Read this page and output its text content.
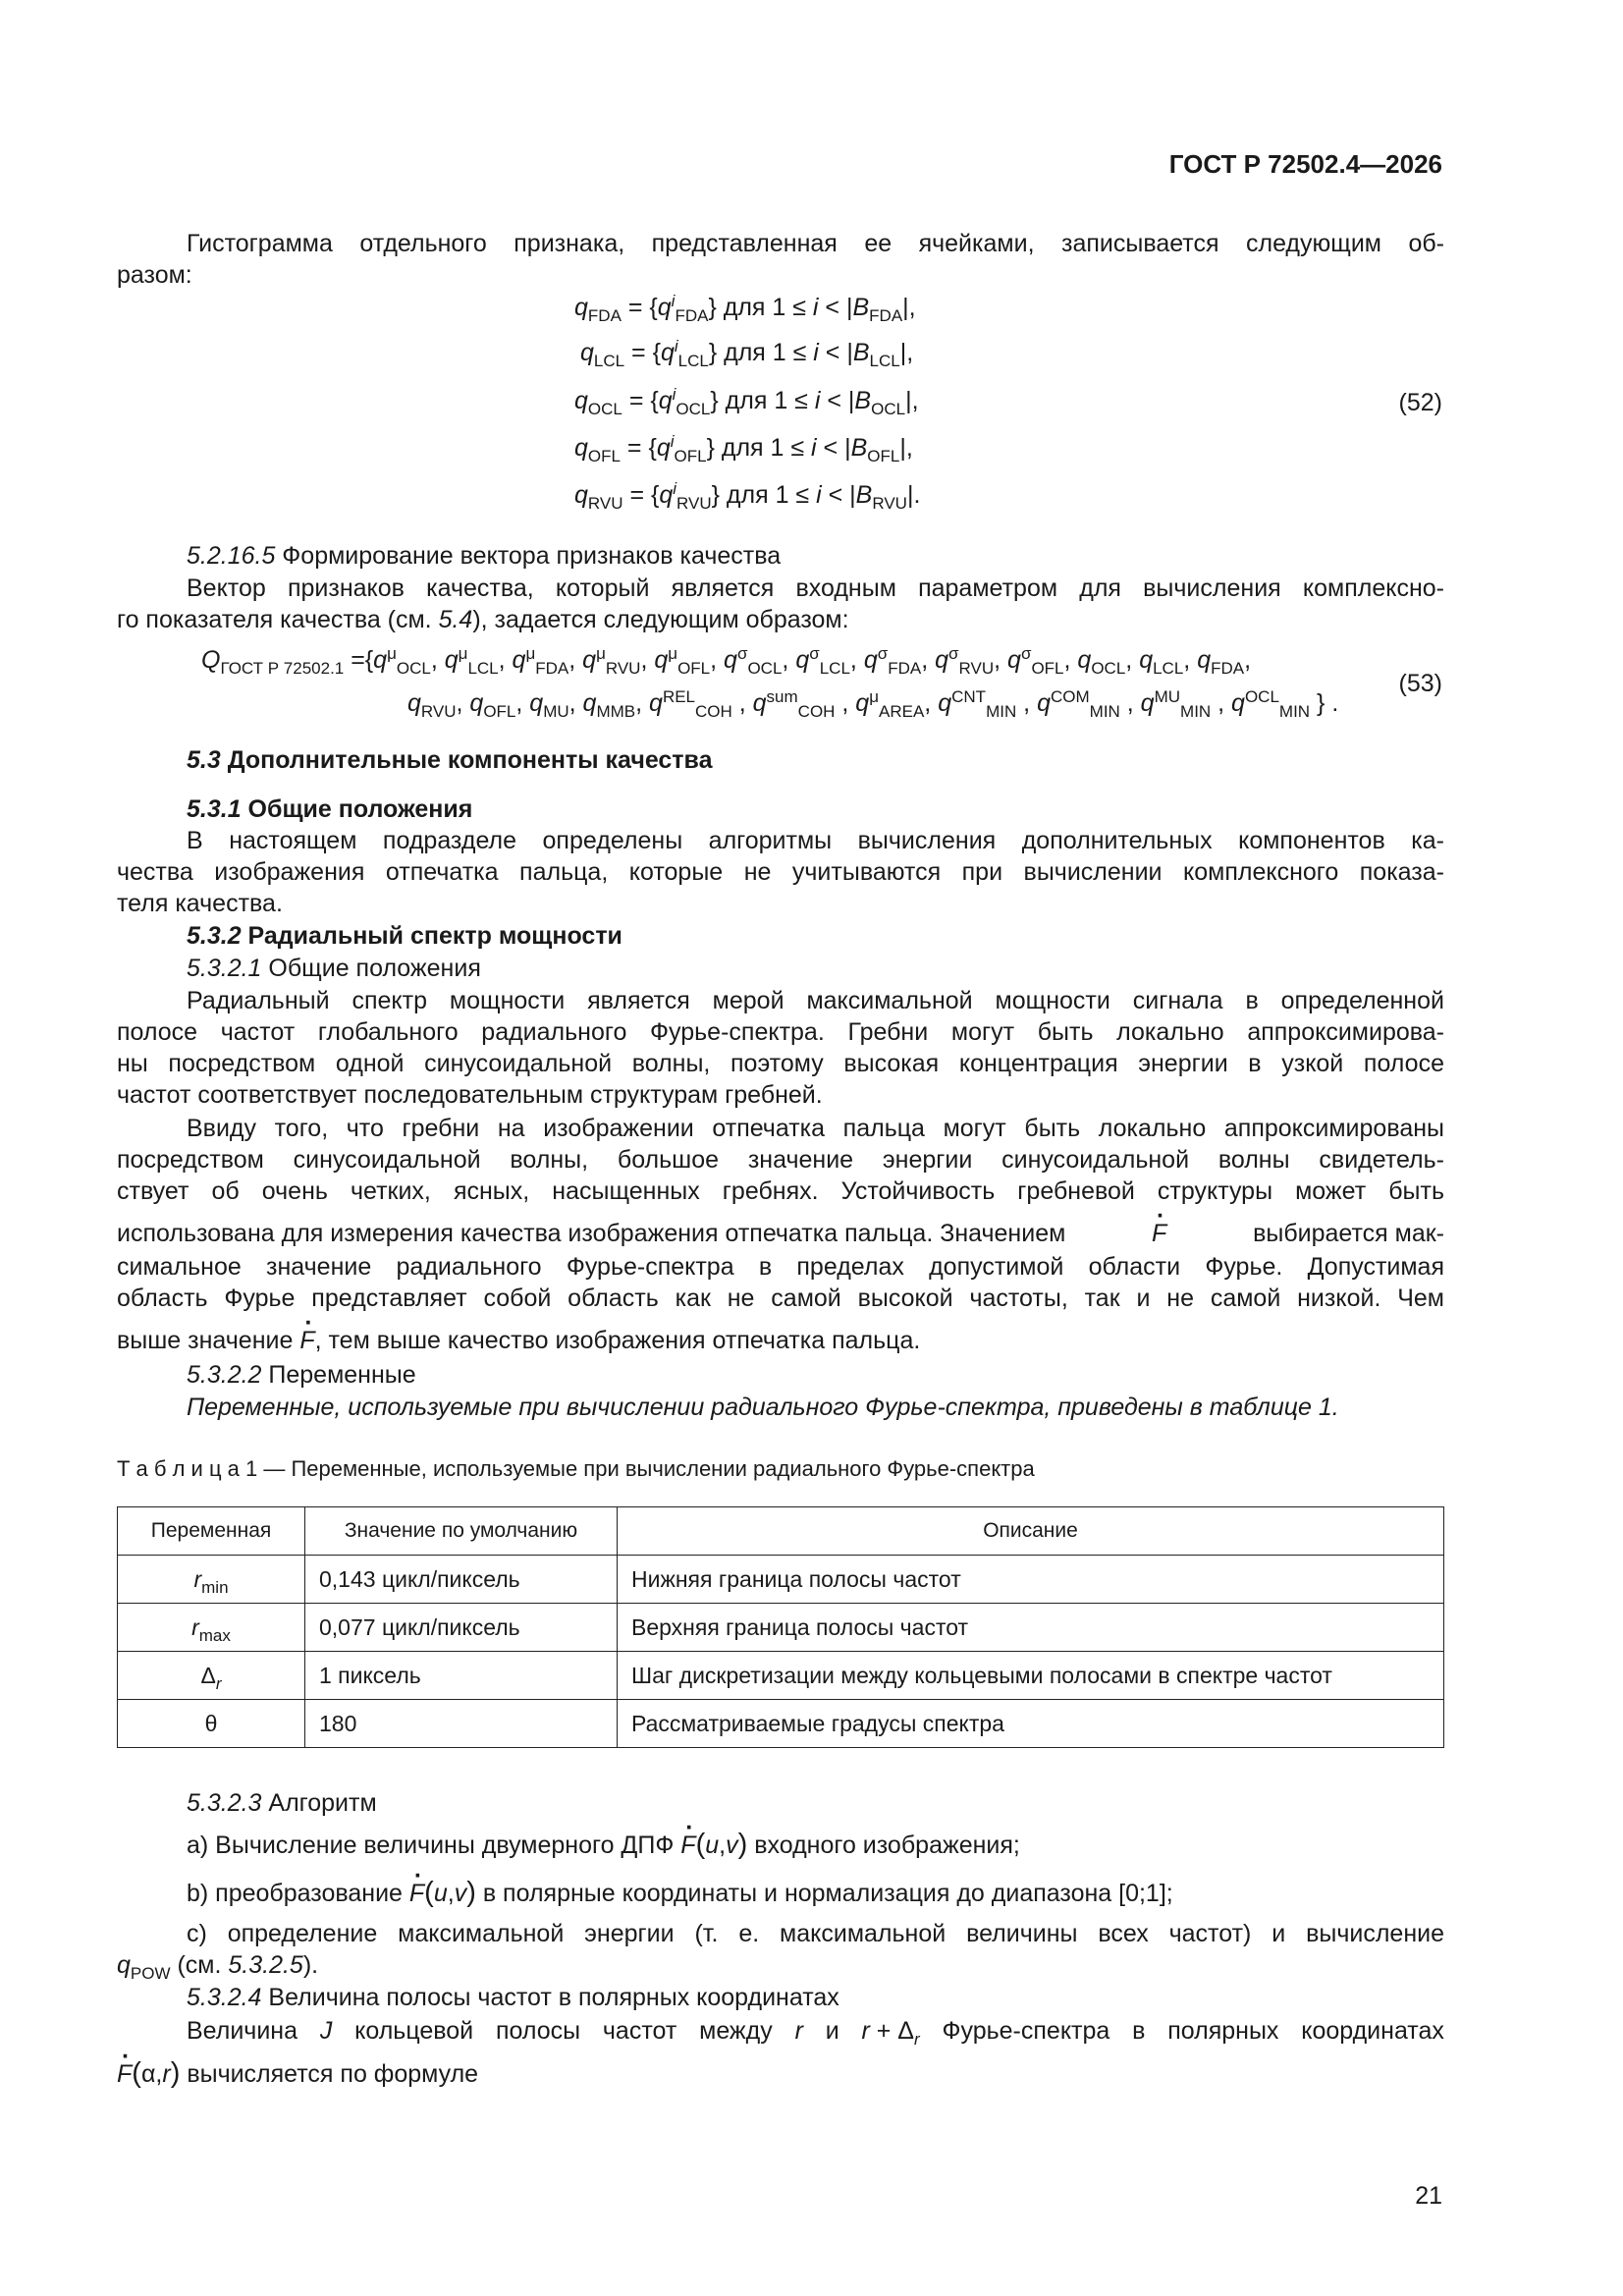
ГОСТ Р 72502.4—2026
Гистограмма отдельного признака, представленная ее ячейками, записывается следующим об-
разом:
$q_{FDA} = \{q^i_{FDA}\}$ для $1 \le i < |B_{FDA}|$,
$q_{LCL} = \{q^i_{LCL}\}$ для $1 \le i < |B_{LCL}|$,
$q_{OCL} = \{q^i_{OCL}\}$ для $1 \le i < |B_{OCL}|$,
$q_{OFL} = \{q^i_{OFL}\}$ для $1 \le i < |B_{OFL}|$,
$q_{RVU} = \{q^i_{RVU}\}$ для $1 \le i < |B_{RVU}|$.
(52)
5.2.16.5 Формирование вектора признаков качества
Вектор признаков качества, который является входным параметром для вычисления комплексно-
го показателя качества (см. 5.4), задается следующим образом:
$Q_{ГОСТ Р 72502.1} =\{q^\mu_{OCL}$, $q^\mu_{LCL}$, $q^\mu_{FDA}$, $q^\mu_{RVU}$, $q^\mu_{OFL}$, $q^\sigma_{OCL}$, $q^\sigma_{LCL}$, $q^\sigma_{FDA}$, $q^\sigma_{RVU}$, $q^\sigma_{OFL}$, $q_{OCL}$, $q_{LCL}$, $q_{FDA}$,
$q_{RVU}$, $q_{OFL}$, $q_{MU}$, $q_{MMB}$, $q^{REL}_{COH}$ , $q^{sum}_{COH}$ , $q^\mu_{AREA}$, $q^{CNT}_{MIN}$ , $q^{COM}_{MIN}$ , $q^{MU}_{MIN}$ , $q^{OCL}_{MIN}$ } .
(53)
5.3 Дополнительные компоненты качества
5.3.1 Общие положения
В настоящем подразделе определены алгоритмы вычисления дополнительных компонентов ка-
чества изображения отпечатка пальца, которые не учитываются при вычислении комплексного показа-
теля качества.
5.3.2 Радиальный спектр мощности
5.3.2.1 Общие положения
Радиальный спектр мощности является мерой максимальной мощности сигнала в определенной
полосе частот глобального радиального Фурье-спектра. Гребни могут быть локально аппроксимирова-
ны посредством одной синусоидальной волны, поэтому высокая концентрация энергии в узкой полосе
частот соответствует последовательным структурам гребней.
Ввиду того, что гребни на изображении отпечатка пальца могут быть локально аппроксимированы
посредством синусоидальной волны, большое значение энергии синусоидальной волны свидетель-
ствует об очень четких, ясных, насыщенных гребнях. Устойчивость гребневой структуры может быть
использована для измерения качества изображения отпечатка пальца. Значением	· F	выбирается мак-
симальное значение радиального Фурье-спектра в пределах допустимой области Фурье. Допустимая
область Фурье представляет собой область как не самой высокой частоты, так и не самой низкой. Чем
выше значение · F, тем выше качество изображения отпечатка пальца.
5.3.2.2 Переменные
Переменные, используемые при вычислении радиального Фурье-спектра, приведены в таблице 1.
Т а б л и ц а 1 — Переменные, используемые при вычислении радиального Фурье-спектра
Переменная	Значение по умолчанию	Описание
$r_{min}$	0,143 цикл/пиксель	Нижняя граница полосы частот
$r_{max}$	0,077 цикл/пиксель	Верхняя граница полосы частот
$\Delta_r$	1 пиксель	Шаг дискретизации между кольцевыми полосами в спектре частот
θ	180	Рассматриваемые градусы спектра
5.3.2.3 Алгоритм
a) Вычисление величины двумерного ДПФ · F(u,v) входного изображения;
b) преобразование · F(u,v) в полярные координаты и нормализация до диапазона [0;1];
c) определение максимальной энергии (т. е. максимальной величины всех частот) и вычисление
$q_{POW}$ (см. 5.3.2.5).
5.3.2.4 Величина полосы частот в полярных координатах
Величина J кольцевой полосы частот между r и $r + \Delta_r$ Фурье-спектра в полярных координатах
· F(α,r) вычисляется по формуле
21
